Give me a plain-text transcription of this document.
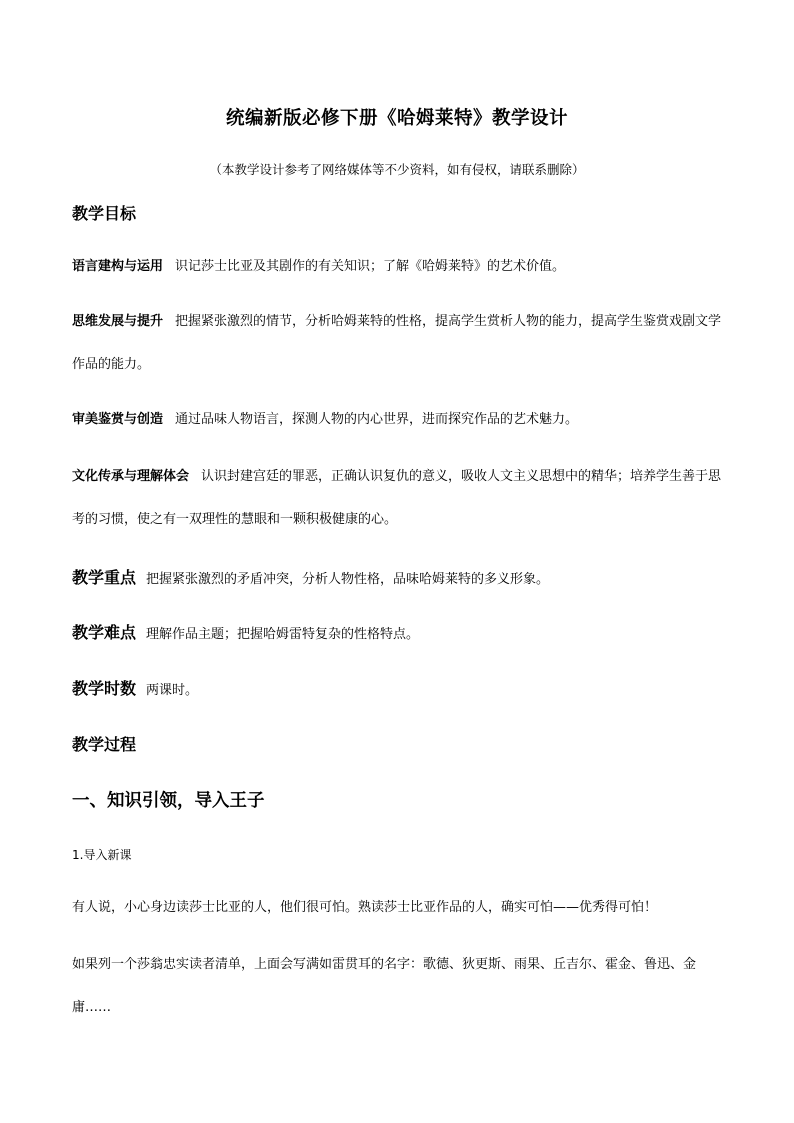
统编新版必修下册《哈姆莱特》教学设计
（本教学设计参考了网络媒体等不少资料，如有侵权，请联系删除）
教学目标
语言建构与运用 识记莎士比亚及其剧作的有关知识；了解《哈姆莱特》的艺术价值。
思维发展与提升 把握紧张激烈的情节，分析哈姆莱特的性格，提高学生赏析人物的能力，提高学生鉴赏戏剧文学作品的能力。
审美鉴赏与创造 通过品味人物语言，探测人物的内心世界，进而探究作品的艺术魅力。
文化传承与理解体会 认识封建宫廷的罪恶，正确认识复仇的意义，吸收人文主义思想中的精华；培养学生善于思考的习惯，使之有一双理性的慧眼和一颗积极健康的心。
教学重点 把握紧张激烈的矛盾冲突，分析人物性格，品味哈姆莱特的多义形象。
教学难点 理解作品主题；把握哈姆雷特复杂的性格特点。
教学时数 两课时。
教学过程
一、知识引领，导入王子
1.导入新课
有人说，小心身边读莎士比亚的人，他们很可怕。熟读莎士比亚作品的人，确实可怕——优秀得可怕！
如果列一个莎翁忠实读者清单，上面会写满如雷贯耳的名字：歌德、狄更斯、雨果、丘吉尔、霍金、鲁迅、金庸……
